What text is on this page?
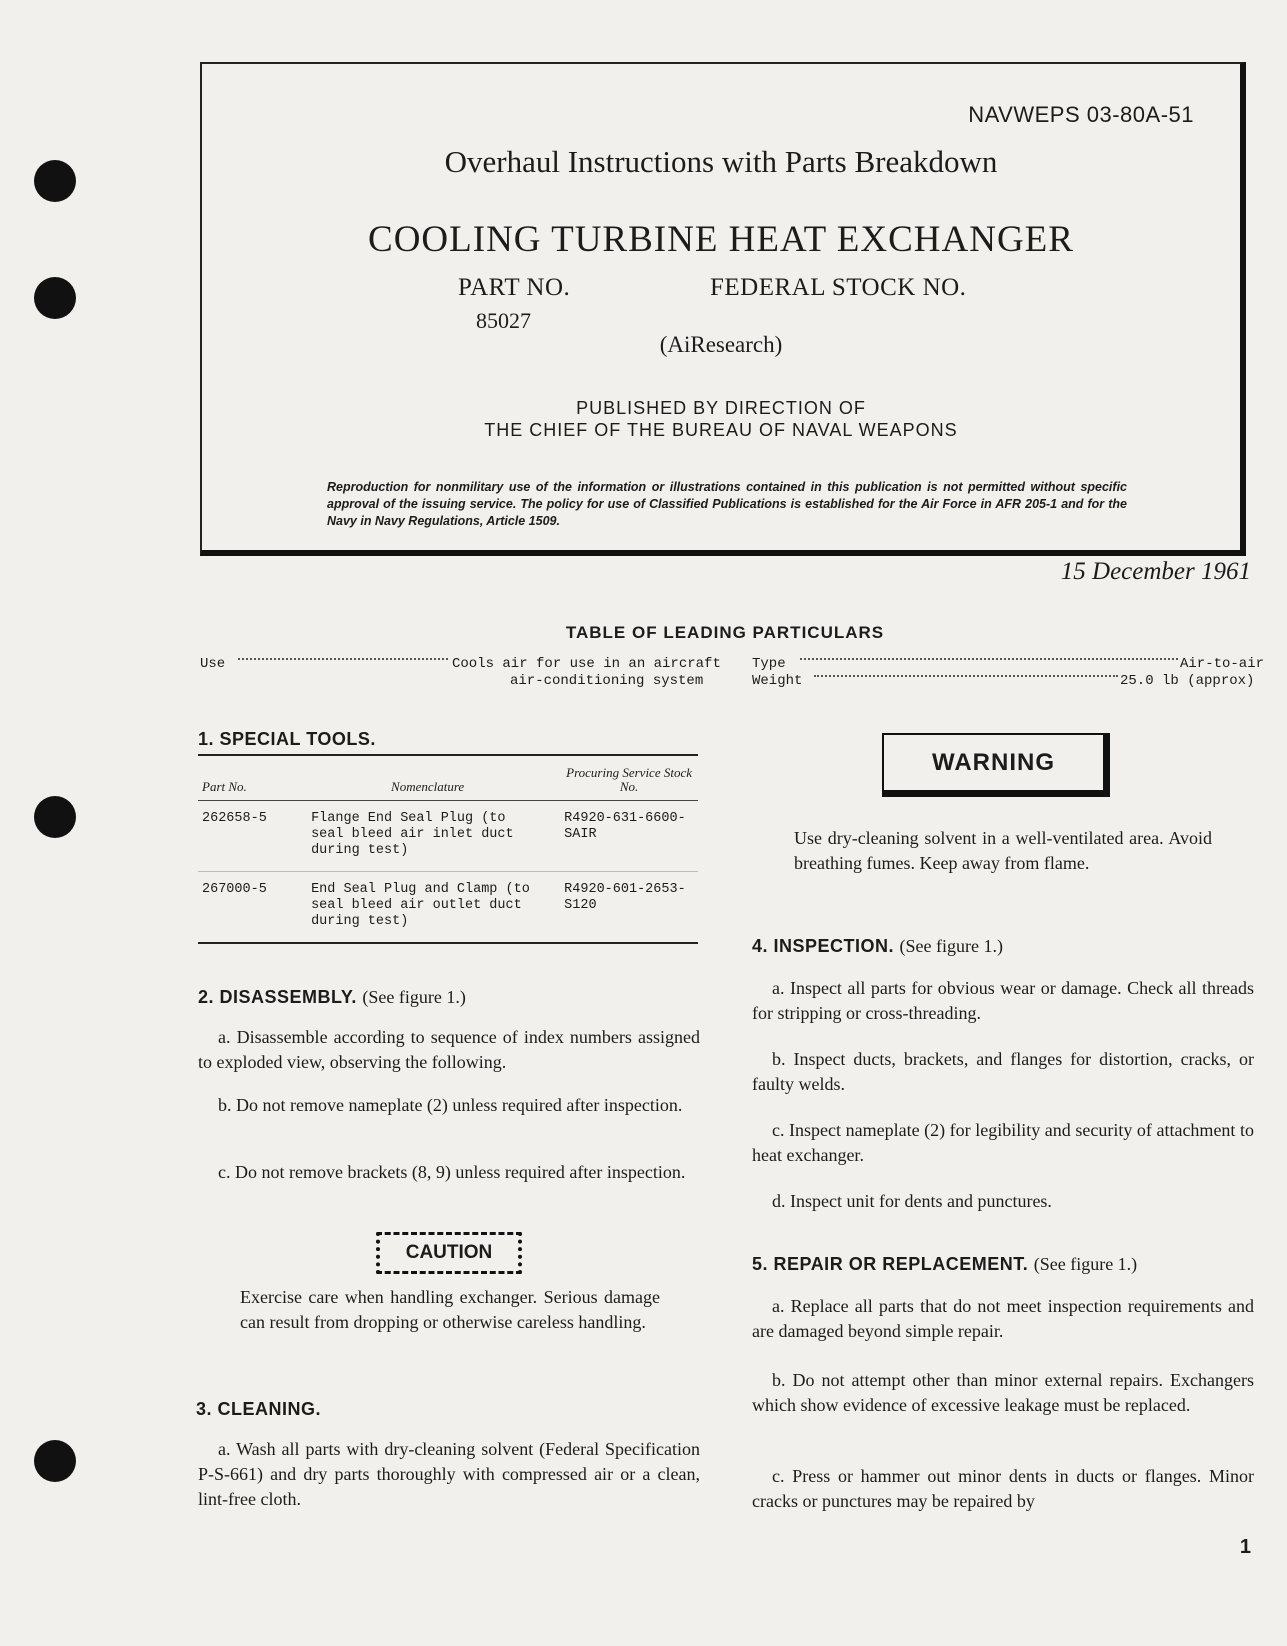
NAVWEPS 03-80A-51
Overhaul Instructions with Parts Breakdown
COOLING TURBINE HEAT EXCHANGER
PART NO.
85027
FEDERAL STOCK NO.
(AiResearch)
PUBLISHED BY DIRECTION OF
THE CHIEF OF THE BUREAU OF NAVAL WEAPONS
Reproduction for nonmilitary use of the information or illustrations contained in this publication is not permitted without specific approval of the issuing service. The policy for use of Classified Publications is established for the Air Force in AFR 205-1 and for the Navy in Navy Regulations, Article 1509.
15 December 1961
TABLE OF LEADING PARTICULARS
Use	Cools air for use in an aircraft
air-conditioning system
Type	Air-to-air
Weight	25.0 lb (approx)
1. SPECIAL TOOLS.
Part No.	Nomenclature	Procuring Service Stock No.
262658-5	Flange End Seal Plug (to seal bleed air inlet duct during test)	R4920-631-6600-SAIR
267000-5	End Seal Plug and Clamp (to seal bleed air outlet duct during test)	R4920-601-2653-S120
2. DISASSEMBLY. (See figure 1.)

a. Disassemble according to sequence of index numbers assigned to exploded view, observing the following.

b. Do not remove nameplate (2) unless required after inspection.

c. Do not remove brackets (8, 9) unless required after inspection.

CAUTION

Exercise care when handling exchanger. Serious damage can result from dropping or otherwise careless handling.

3. CLEANING.

a. Wash all parts with dry-cleaning solvent (Federal Specification P-S-661) and dry parts thoroughly with compressed air or a clean, lint-free cloth.

WARNING

Use dry-cleaning solvent in a well-ventilated area. Avoid breathing fumes. Keep away from flame.

4. INSPECTION. (See figure 1.)

a. Inspect all parts for obvious wear or damage. Check all threads for stripping or cross-threading.

b. Inspect ducts, brackets, and flanges for distortion, cracks, or faulty welds.

c. Inspect nameplate (2) for legibility and security of attachment to heat exchanger.

d. Inspect unit for dents and punctures.

5. REPAIR OR REPLACEMENT. (See figure 1.)

a. Replace all parts that do not meet inspection requirements and are damaged beyond simple repair.

b. Do not attempt other than minor external repairs. Exchangers which show evidence of excessive leakage must be replaced.

c. Press or hammer out minor dents in ducts or flanges. Minor cracks or punctures may be repaired by

1
